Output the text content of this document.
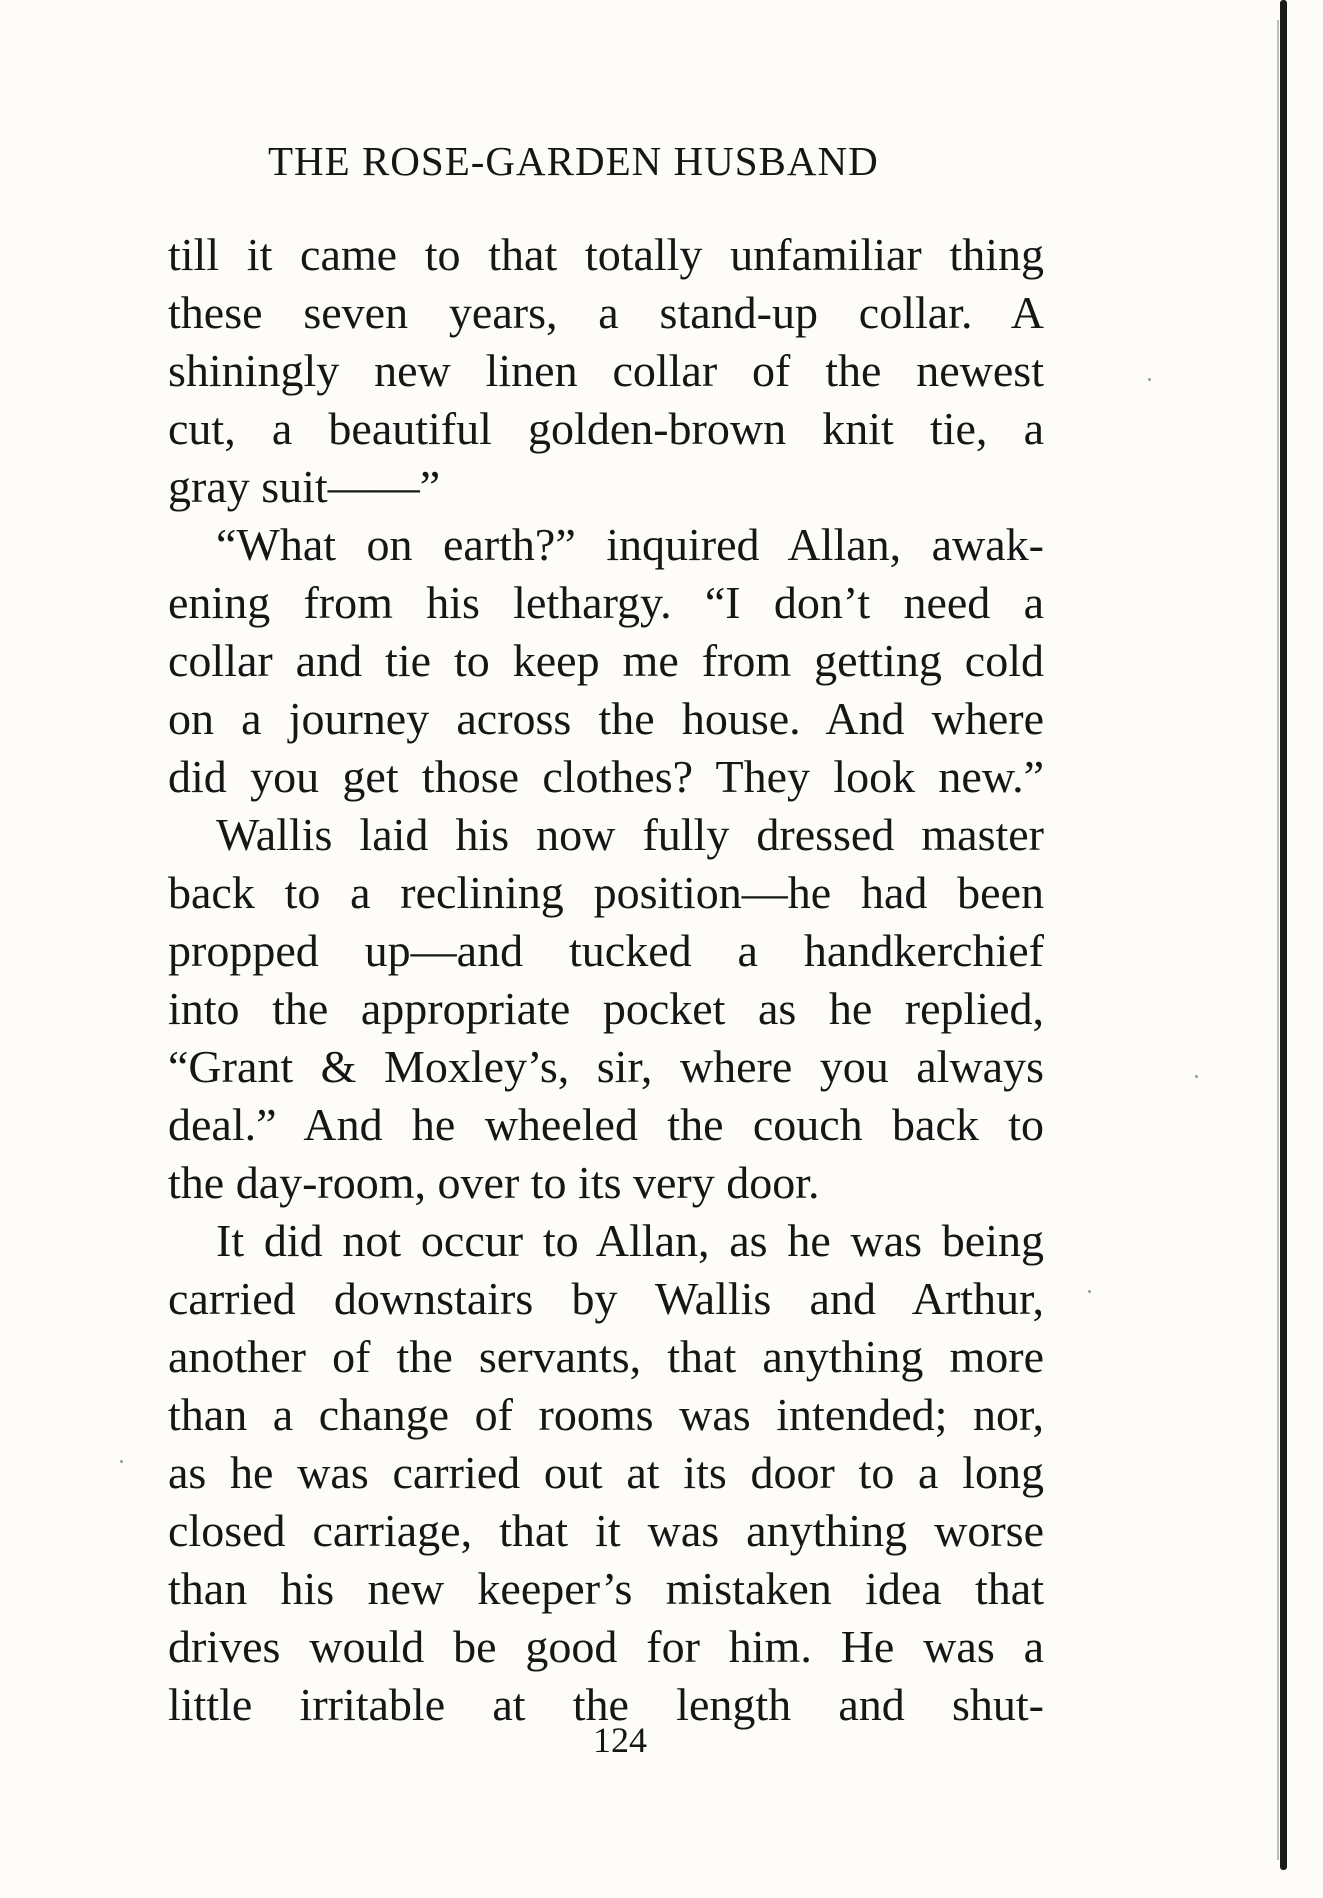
THE ROSE-GARDEN HUSBAND
till it came to that totally unfamiliar thing
these seven years, a stand-up collar. A
shiningly new linen collar of the newest
cut, a beautiful golden-brown knit tie, a
gray suit——”
“What on earth?” inquired Allan, awak-
ening from his lethargy. “I don’t need a
collar and tie to keep me from getting cold
on a journey across the house. And where
did you get those clothes? They look new.”
Wallis laid his now fully dressed master
back to a reclining position—he had been
propped up—and tucked a handkerchief
into the appropriate pocket as he replied,
“Grant & Moxley’s, sir, where you always
deal.” And he wheeled the couch back to
the day-room, over to its very door.
It did not occur to Allan, as he was being
carried downstairs by Wallis and Arthur,
another of the servants, that anything more
than a change of rooms was intended; nor,
as he was carried out at its door to a long
closed carriage, that it was anything worse
than his new keeper’s mistaken idea that
drives would be good for him. He was a
little irritable at the length and shut-
124
